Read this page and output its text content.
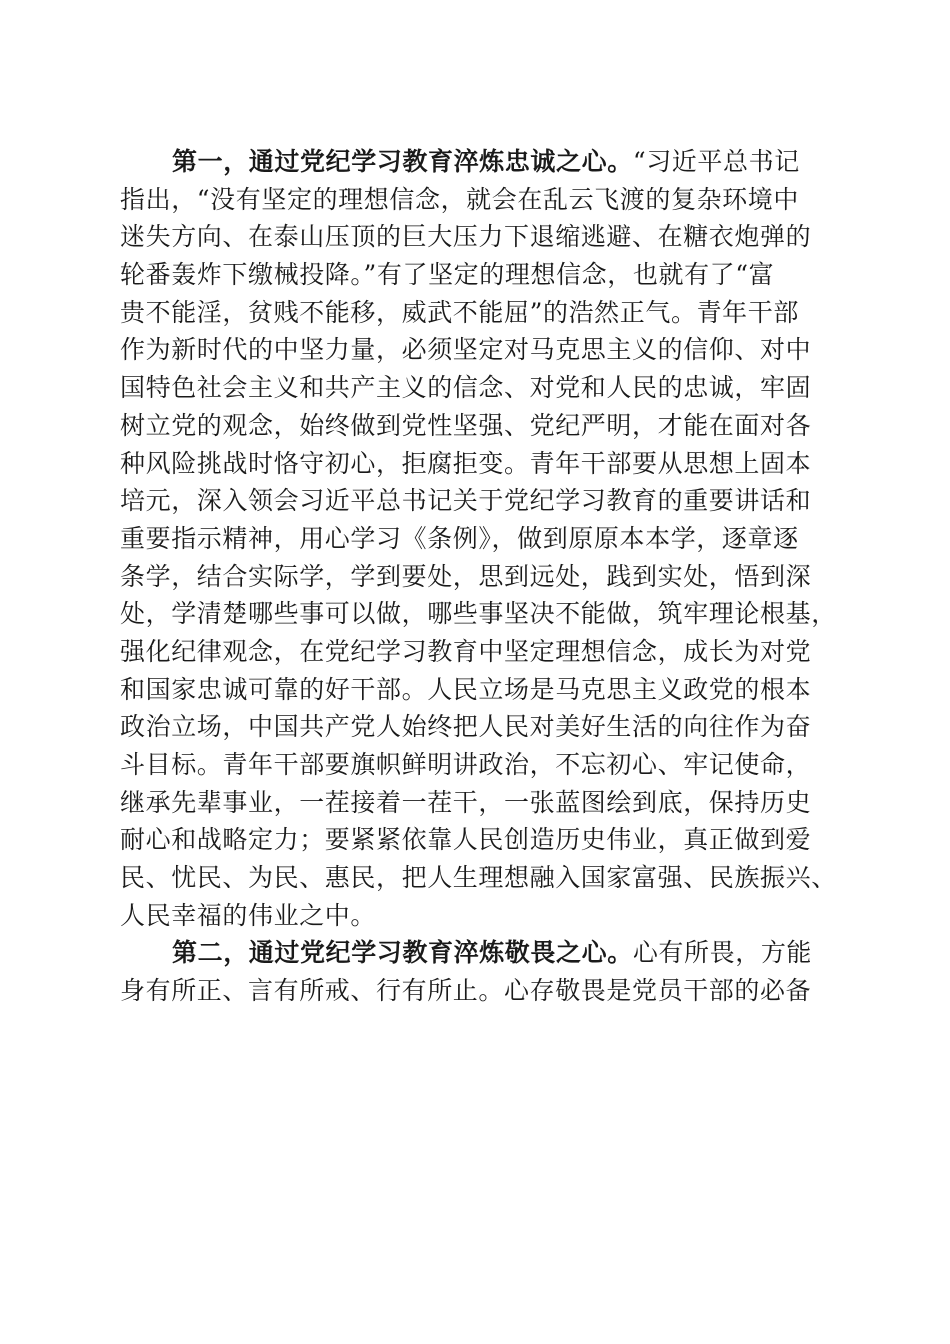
第一，通过党纪学习教育淬炼忠诚之心。“习近平总书记
指出，“没有坚定的理想信念，就会在乱云飞渡的复杂环境中
迷失方向、在泰山压顶的巨大压力下退缩逃避、在糖衣炮弹的
轮番轰炸下缴械投降。”有了坚定的理想信念，也就有了“富
贵不能淫，贫贱不能移，威武不能屈”的浩然正气。青年干部
作为新时代的中坚力量，必须坚定对马克思主义的信仰、对中
国特色社会主义和共产主义的信念、对党和人民的忠诚，牢固
树立党的观念，始终做到党性坚强、党纪严明，才能在面对各
种风险挑战时恪守初心，拒腐拒变。青年干部要从思想上固本
培元，深入领会习近平总书记关于党纪学习教育的重要讲话和
重要指示精神，用心学习《条例》，做到原原本本学，逐章逐
条学，结合实际学，学到要处，思到远处，践到实处，悟到深
处，学清楚哪些事可以做，哪些事坚决不能做，筑牢理论根基，
强化纪律观念，在党纪学习教育中坚定理想信念，成长为对党
和国家忠诚可靠的好干部。人民立场是马克思主义政党的根本
政治立场，中国共产党人始终把人民对美好生活的向往作为奋
斗目标。青年干部要旗帜鲜明讲政治，不忘初心、牢记使命，
继承先辈事业，一茬接着一茬干，一张蓝图绘到底，保持历史
耐心和战略定力；要紧紧依靠人民创造历史伟业，真正做到爱
民、忧民、为民、惠民，把人生理想融入国家富强、民族振兴、
人民幸福的伟业之中。

第二，通过党纪学习教育淬炼敬畏之心。心有所畏，方能
身有所正、言有所戒、行有所止。心存敬畏是党员干部的必备
